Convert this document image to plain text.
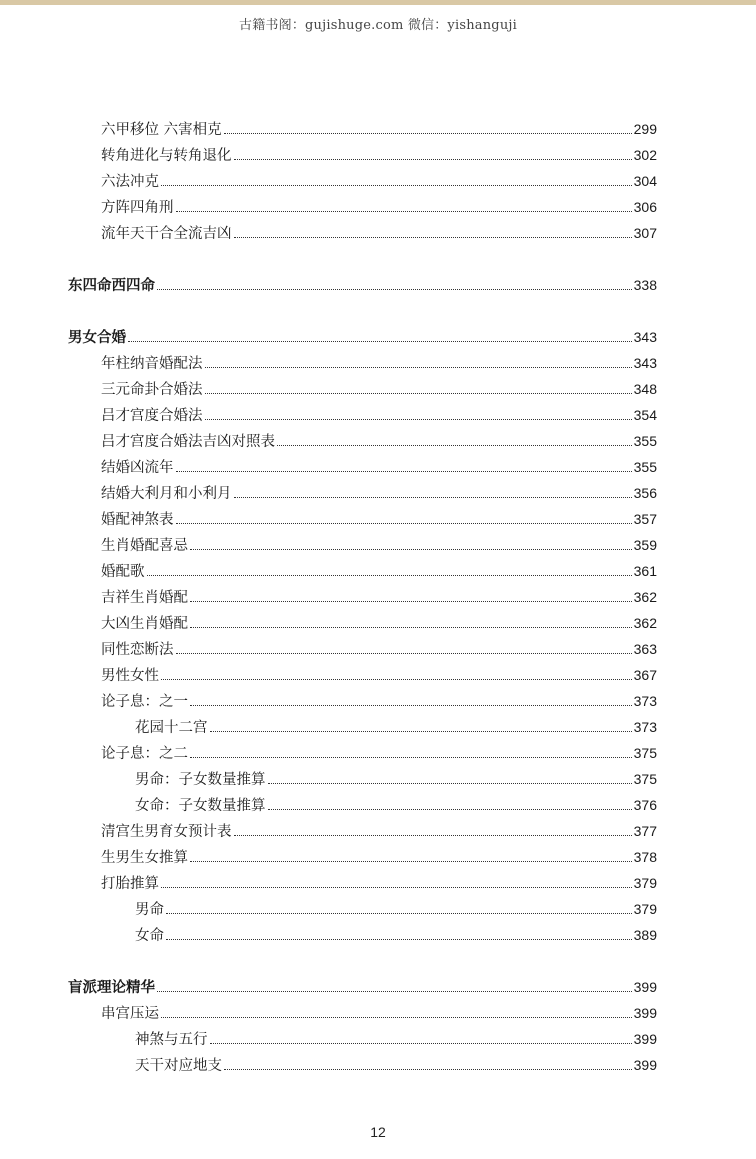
古籍书阁：gujishuge.com 微信：yishanguji
六甲移位 六害相克	299
转角进化与转角退化	302
六法冲克	304
方阵四角刑	306
流年天干合全流吉凶	307
东四命西四命	338
男女合婚	343
年柱纳音婚配法	343
三元命卦合婚法	348
吕才宫度合婚法	354
吕才宫度合婚法吉凶对照表	355
结婚凶流年	355
结婚大利月和小利月	356
婚配神煞表	357
生肖婚配喜忌	359
婚配歌	361
吉祥生肖婚配	362
大凶生肖婚配	362
同性恋断法	363
男性女性	367
论子息：之一	373
花园十二宫	373
论子息：之二	375
男命：子女数量推算	375
女命：子女数量推算	376
清宫生男育女预计表	377
生男生女推算	378
打胎推算	379
男命	379
女命	389
盲派理论精华	399
串宫压运	399
神煞与五行	399
天干对应地支	399
12
